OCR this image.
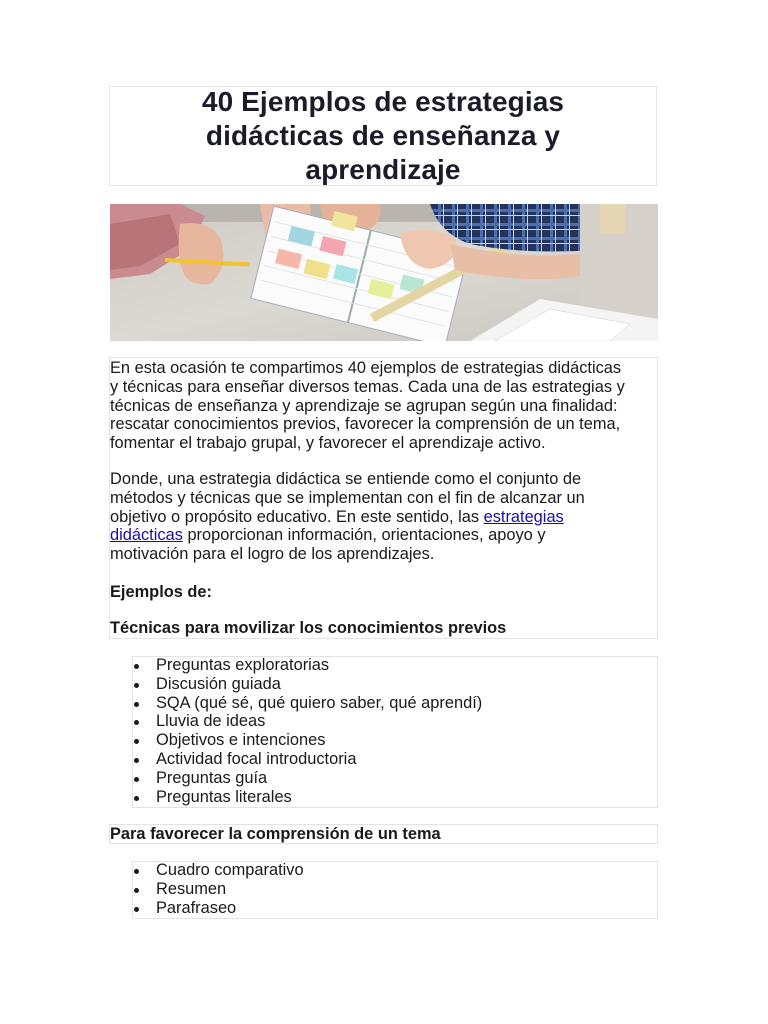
40 Ejemplos de estrategias
didácticas de enseñanza y
aprendizaje

En esta ocasión te compartimos 40 ejemplos de estrategias didácticas
y técnicas para enseñar diversos temas. Cada una de las estrategias y
técnicas de enseñanza y aprendizaje se agrupan según una finalidad:
rescatar conocimientos previos, favorecer la comprensión de un tema,
fomentar el trabajo grupal, y favorecer el aprendizaje activo.

Donde, una estrategia didáctica se entiende como el conjunto de
métodos y técnicas que se implementan con el fin de alcanzar un
objetivo o propósito educativo. En este sentido, las estrategias
didácticas proporcionan información, orientaciones, apoyo y
motivación para el logro de los aprendizajes.

Ejemplos de:

Técnicas para movilizar los conocimientos previos

Preguntas exploratorias
Discusión guiada
SQA (qué sé, qué quiero saber, qué aprendí)
Lluvia de ideas
Objetivos e intenciones
Actividad focal introductoria
Preguntas guía
Preguntas literales

Para favorecer la comprensión de un tema

Cuadro comparativo
Resumen
Parafraseo
